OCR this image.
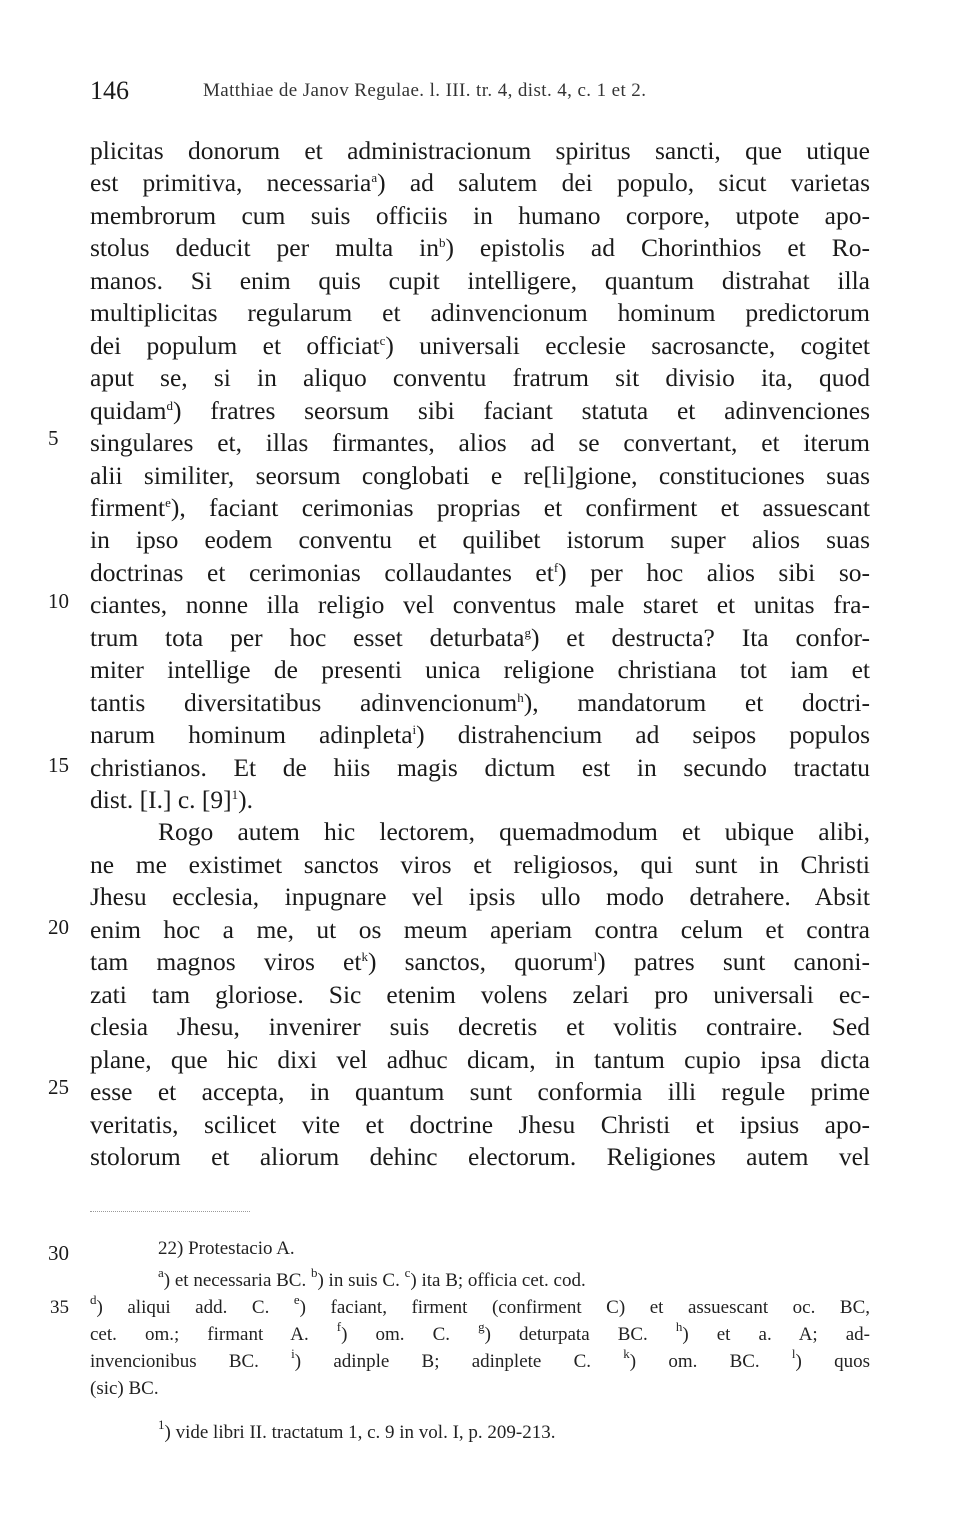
146	Matthiae de Janov Regulae. l. III. tr. 4, dist. 4, c. 1 et 2.
plicitas donorum et administracionum spiritus sancti, que utique
est primitiva, necessaria$^a$) ad salutem dei populo, sicut varietas
membrorum cum suis officiis in humano corpore, utpote apo-
stolus deducit per multa $in^b$) epistolis ad Chorinthios et Ro-
manos. Si enim quis cupit intelligere, quantum distrahat illa
multiplicitas regularum et adinvencionum hominum predictorum
dei populum et officiat$^c$) universali ecclesie sacrosancte, cogitet
aput se, si in aliquo conventu fratrum sit divisio ita, quod
quidam$^d$) fratres seorsum sibi faciant statuta et adinvenciones
singulares et, illas firmantes, alios ad se convertant, et iterum
alii similiter, seorsum conglobati e re[li]gione, constituciones suas
firment$^e$), faciant cerimonias proprias et confirment et assuescant
in ipso eodem conventu et quilibet istorum super alios suas
doctrinas et cerimonias collaudantes $et^f$) per hoc alios sibi so-
ciantes, nonne illa religio vel conventus male staret et unitas fra-
trum tota per hoc esset deturbata$^g$) et destructa? Ita confor-
miter intellige de presenti unica religione christiana tot iam et
tantis diversitatibus adinvencionum$^h$), mandatorum et doctri-
narum hominum adinpleta$^i$) distrahencium ad seipos populos
christianos. Et de hiis magis dictum est in secundo tractatu
dist. [I.] c. $[9]^1$).
Rogo autem hic lectorem, quemadmodum et ubique alibi,
ne me existimet sanctos viros et religiosos, qui sunt in Christi
Jhesu ecclesia, inpugnare vel ipsis ullo modo detrahere. Absit
enim hoc a me, ut os meum aperiam contra celum et contra
tam magnos viros $et^k$) sanctos, quorum$^l$) patres sunt canoni-
zati tam gloriose. Sic etenim volens zelari pro universali ec-
clesia Jhesu, invenirer suis decretis et volitis contraire. Sed
plane, que hic dixi vel adhuc dicam, in tantum cupio ipsa dicta
esse et accepta, in quantum sunt conformia illi regule prime
veritatis, scilicet vite et doctrine Jhesu Christi et ipsius apo-
stolorum et aliorum dehinc electorum. Religiones autem vel
5
10
15
20
25
30	22) Protestacio A.
$^a$) et necessaria BC. $^b$) in suis C. $^c$) ita B; officia cet. cod.
$^d$) aliqui add. C. $^e$) faciant, firment (confirment C) et assuescant oc. BC,
cet. om.; firmant A. $^f$) om. C. $^g$) deturpata BC. $^h$) et a. A; ad-
invencionibus BC. $^i$) adinple B; adinplete C. $^k$) om. BC. $^l$) quos
(sic) BC.
$^1$) vide libri II. tractatum 1, c. 9 in vol. I, p. 209-213.
35
